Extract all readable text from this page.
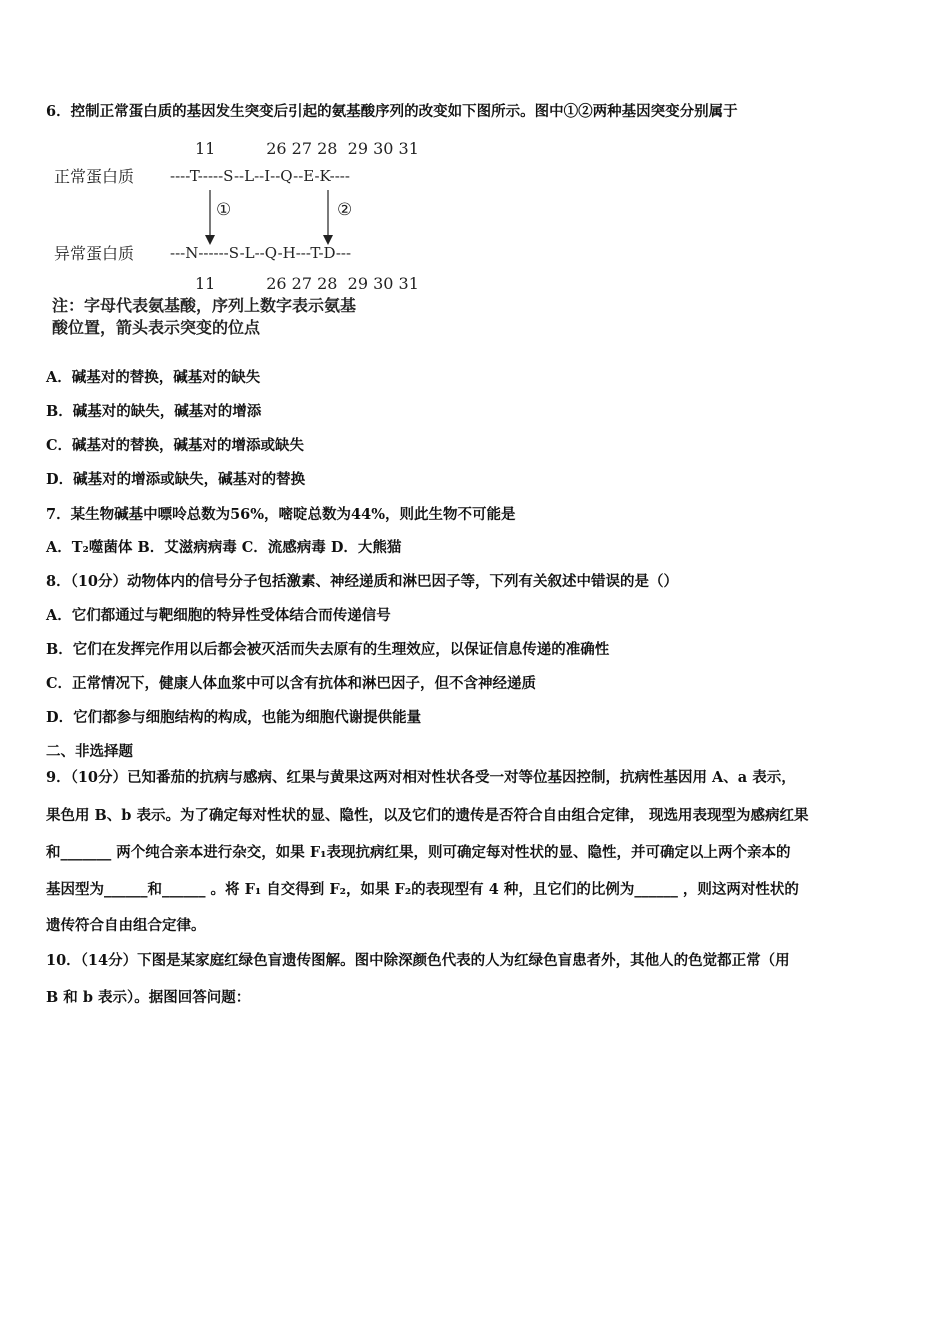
6．控制正常蛋白质的基因发生突变后引起的氨基酸序列的改变如下图所示。图中①②两种基因突变分别属于
11          26 27 28  29 30 31
正常蛋白质 ----T-----S--L--I--Q--E-K----
①	②
异常蛋白质 ---N------S-L--Q-H---T-D---
11          26 27 28  29 30 31
注：字母代表氨基酸，序列上数字表示氨基
酸位置，箭头表示突变的位点
A．碱基对的替换，碱基对的缺失
B．碱基对的缺失，碱基对的增添
C．碱基对的替换，碱基对的增添或缺失
D．碱基对的增添或缺失，碱基对的替换
7．某生物碱基中嘌呤总数为56%，嘧啶总数为44%，则此生物不可能是
A．T₂噬菌体 B．艾滋病病毒 C．流感病毒 D．大熊猫
8．（10分）动物体内的信号分子包括激素、神经递质和淋巴因子等，下列有关叙述中错误的是（）
A．它们都通过与靶细胞的特异性受体结合而传递信号
B．它们在发挥完作用以后都会被灭活而失去原有的生理效应，以保证信息传递的准确性
C．正常情况下，健康人体血浆中可以含有抗体和淋巴因子，但不含神经递质
D．它们都参与细胞结构的构成，也能为细胞代谢提供能量
二、非选择题
9．（10分）已知番茄的抗病与感病、红果与黄果这两对相对性状各受一对等位基因控制，抗病性基因用 A、a 表示，
果色用 B、b 表示。为了确定每对性状的显、隐性，以及它们的遗传是否符合自由组合定律， 现选用表现型为感病红果
和_______ 两个纯合亲本进行杂交，如果 F₁表现抗病红果，则可确定每对性状的显、隐性，并可确定以上两个亲本的
基因型为______和______ 。将 F₁ 自交得到 F₂，如果 F₂的表现型有 4 种，且它们的比例为______ ，则这两对性状的
遗传符合自由组合定律。
10．（14分）下图是某家庭红绿色盲遗传图解。图中除深颜色代表的人为红绿色盲患者外，其他人的色觉都正常（用
B 和 b 表示）。据图回答问题：
